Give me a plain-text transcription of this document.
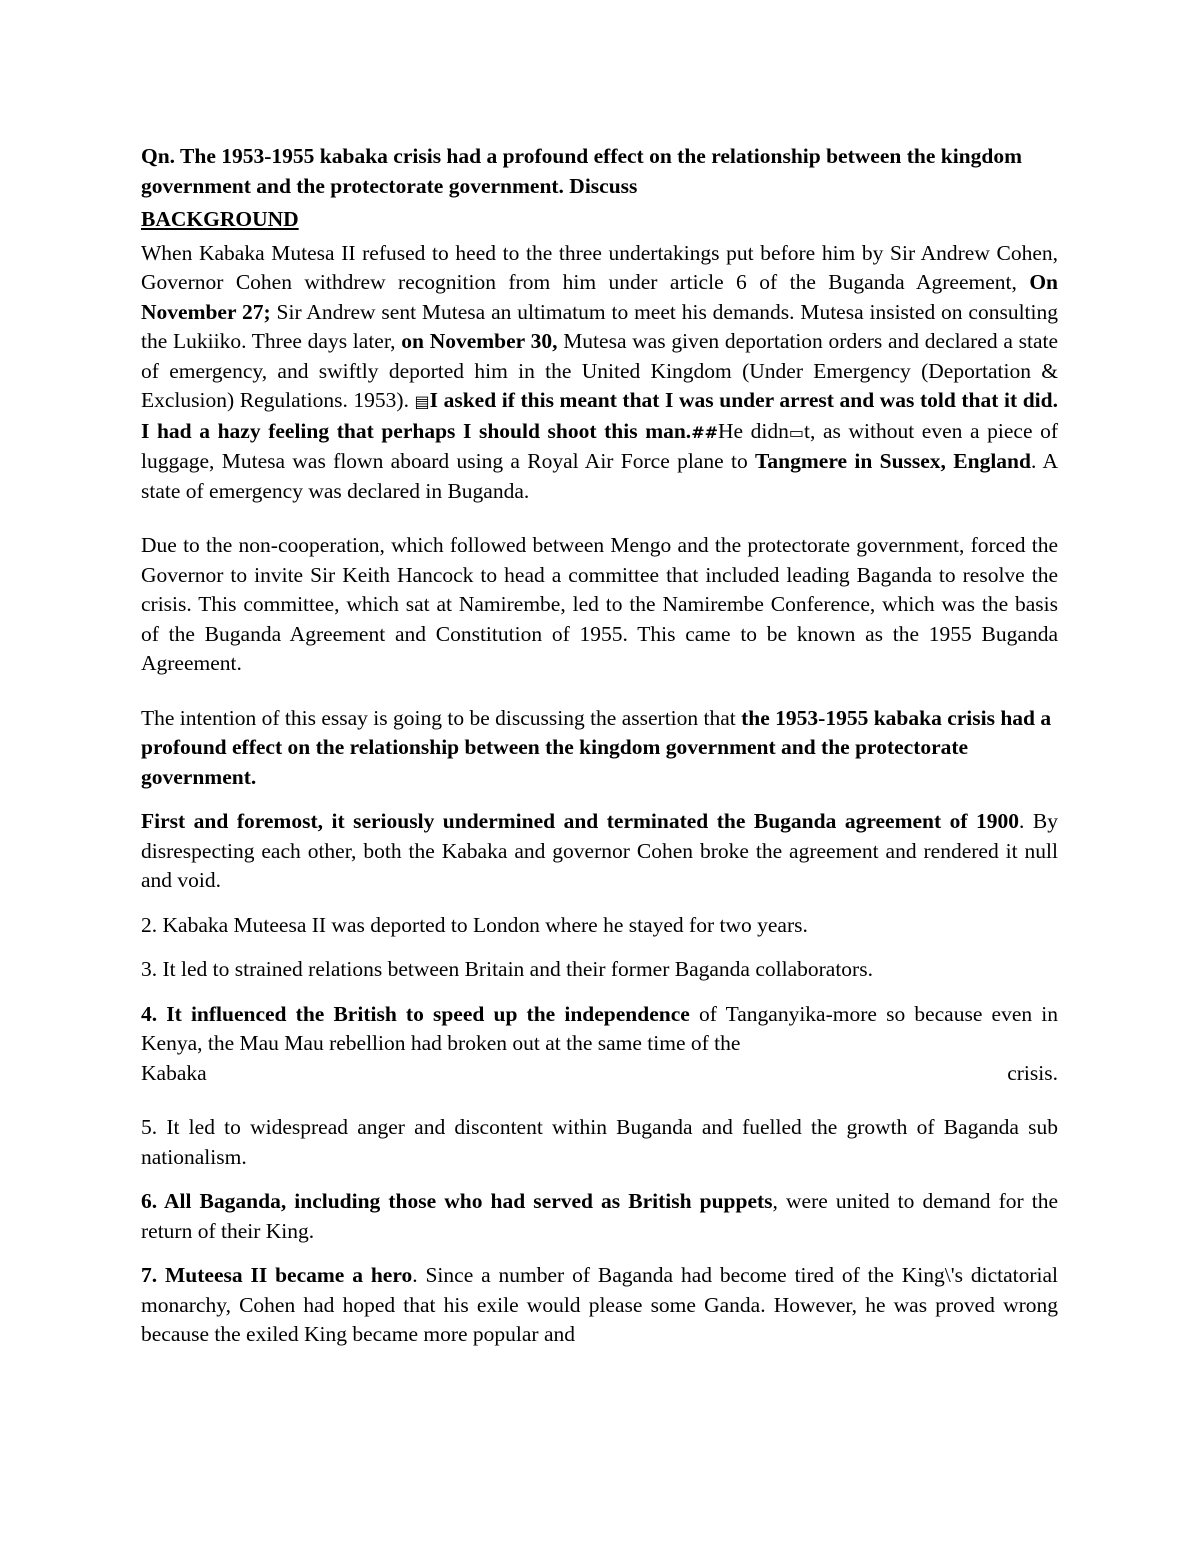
Qn. The 1953-1955 kabaka crisis had a profound effect on the relationship between the kingdom government and the protectorate government. Discuss

BACKGROUND

When Kabaka Mutesa II refused to heed to the three undertakings put before him by Sir Andrew Cohen, Governor Cohen withdrew recognition from him under article 6 of the Buganda Agreement, On November 27; Sir Andrew sent Mutesa an ultimatum to meet his demands. Mutesa insisted on consulting the Lukiiko. Three days later, on November 30, Mutesa was given deportation orders and declared a state of emergency, and swiftly deported him in the United Kingdom (Under Emergency (Deportation & Exclusion) Regulations. 1953). ▤I asked if this meant that I was under arrest and was told that it did. I had a hazy feeling that perhaps I should shoot this man.##He didn▭t, as without even a piece of luggage, Mutesa was flown aboard using a Royal Air Force plane to Tangmere in Sussex, England. A state of emergency was declared in Buganda.

Due to the non-cooperation, which followed between Mengo and the protectorate government, forced the Governor to invite Sir Keith Hancock to head a committee that included leading Baganda to resolve the crisis. This committee, which sat at Namirembe, led to the Namirembe Conference, which was the basis of the Buganda Agreement and Constitution of 1955. This came to be known as the 1955 Buganda Agreement.

The intention of this essay is going to be discussing the assertion that the 1953-1955 kabaka crisis had a profound effect on the relationship between the kingdom government and the protectorate government.

First and foremost, it seriously undermined and terminated the Buganda agreement of 1900. By disrespecting each other, both the Kabaka and governor Cohen broke the agreement and rendered it null and void.

2. Kabaka Muteesa II was deported to London where he stayed for two years.

3. It led to strained relations between Britain and their former Baganda collaborators.

4. It influenced the British to speed up the independence of Tanganyika-more so because even in Kenya, the Mau Mau rebellion had broken out at the same time of the

Kabaka	crisis.

5. It led to widespread anger and discontent within Buganda and fuelled the growth of Baganda sub nationalism.

6. All Baganda, including those who had served as British puppets, were united to demand for the return of their King.

7. Muteesa II became a hero. Since a number of Baganda had become tired of the King\'s dictatorial monarchy, Cohen had hoped that his exile would please some Ganda. However, he was proved wrong because the exiled King became more popular and
